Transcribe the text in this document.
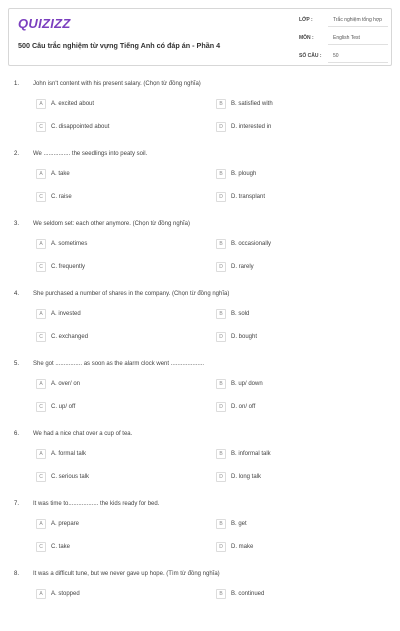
QUIZIZZ
500 Câu trắc nghiệm từ vựng Tiếng Anh có đáp án - Phần 4
LỚP :	Trắc nghiệm tổng hợp
MÔN :	English Test
SỐ CÂU : 50
1. John isn't content with his present salary. (Chọn từ đồng nghĩa)
A	A. excited about	B	B. satisfied with
C	C. disappointed about	D	D. interested in
2. We ................ the seedlings into peaty soil.
A	A. take	B	B. plough
C	C. raise	D	D. transplant
3. We seldom set: each other anymore. (Chọn từ đồng nghĩa)
A	A. sometimes	B	B. occasionally
C	C. frequently	D	D. rarely
4. She purchased a number of shares in the company. (Chọn từ đồng nghĩa)
A	A. invested	B	B. sold
C	C. exchanged	D	D. bought
5. She got ................ as soon as the alarm clock went ....................
A	A. over/ on	B	B. up/ down
C	C. up/ off	D	D. on/ off
6. We had a nice chat over a cup of tea.
A	A. formal talk	B	B. informal talk
C	C. serious talk	D	D. long talk
7. It was time to.................. the kids ready for bed.
A	A. prepare	B	B. get
C	C. take	D	D. make
8. It was a difficult tune, but we never gave up hope. (Tìm từ đồng nghĩa)
A	A. stopped	B	B. continued
